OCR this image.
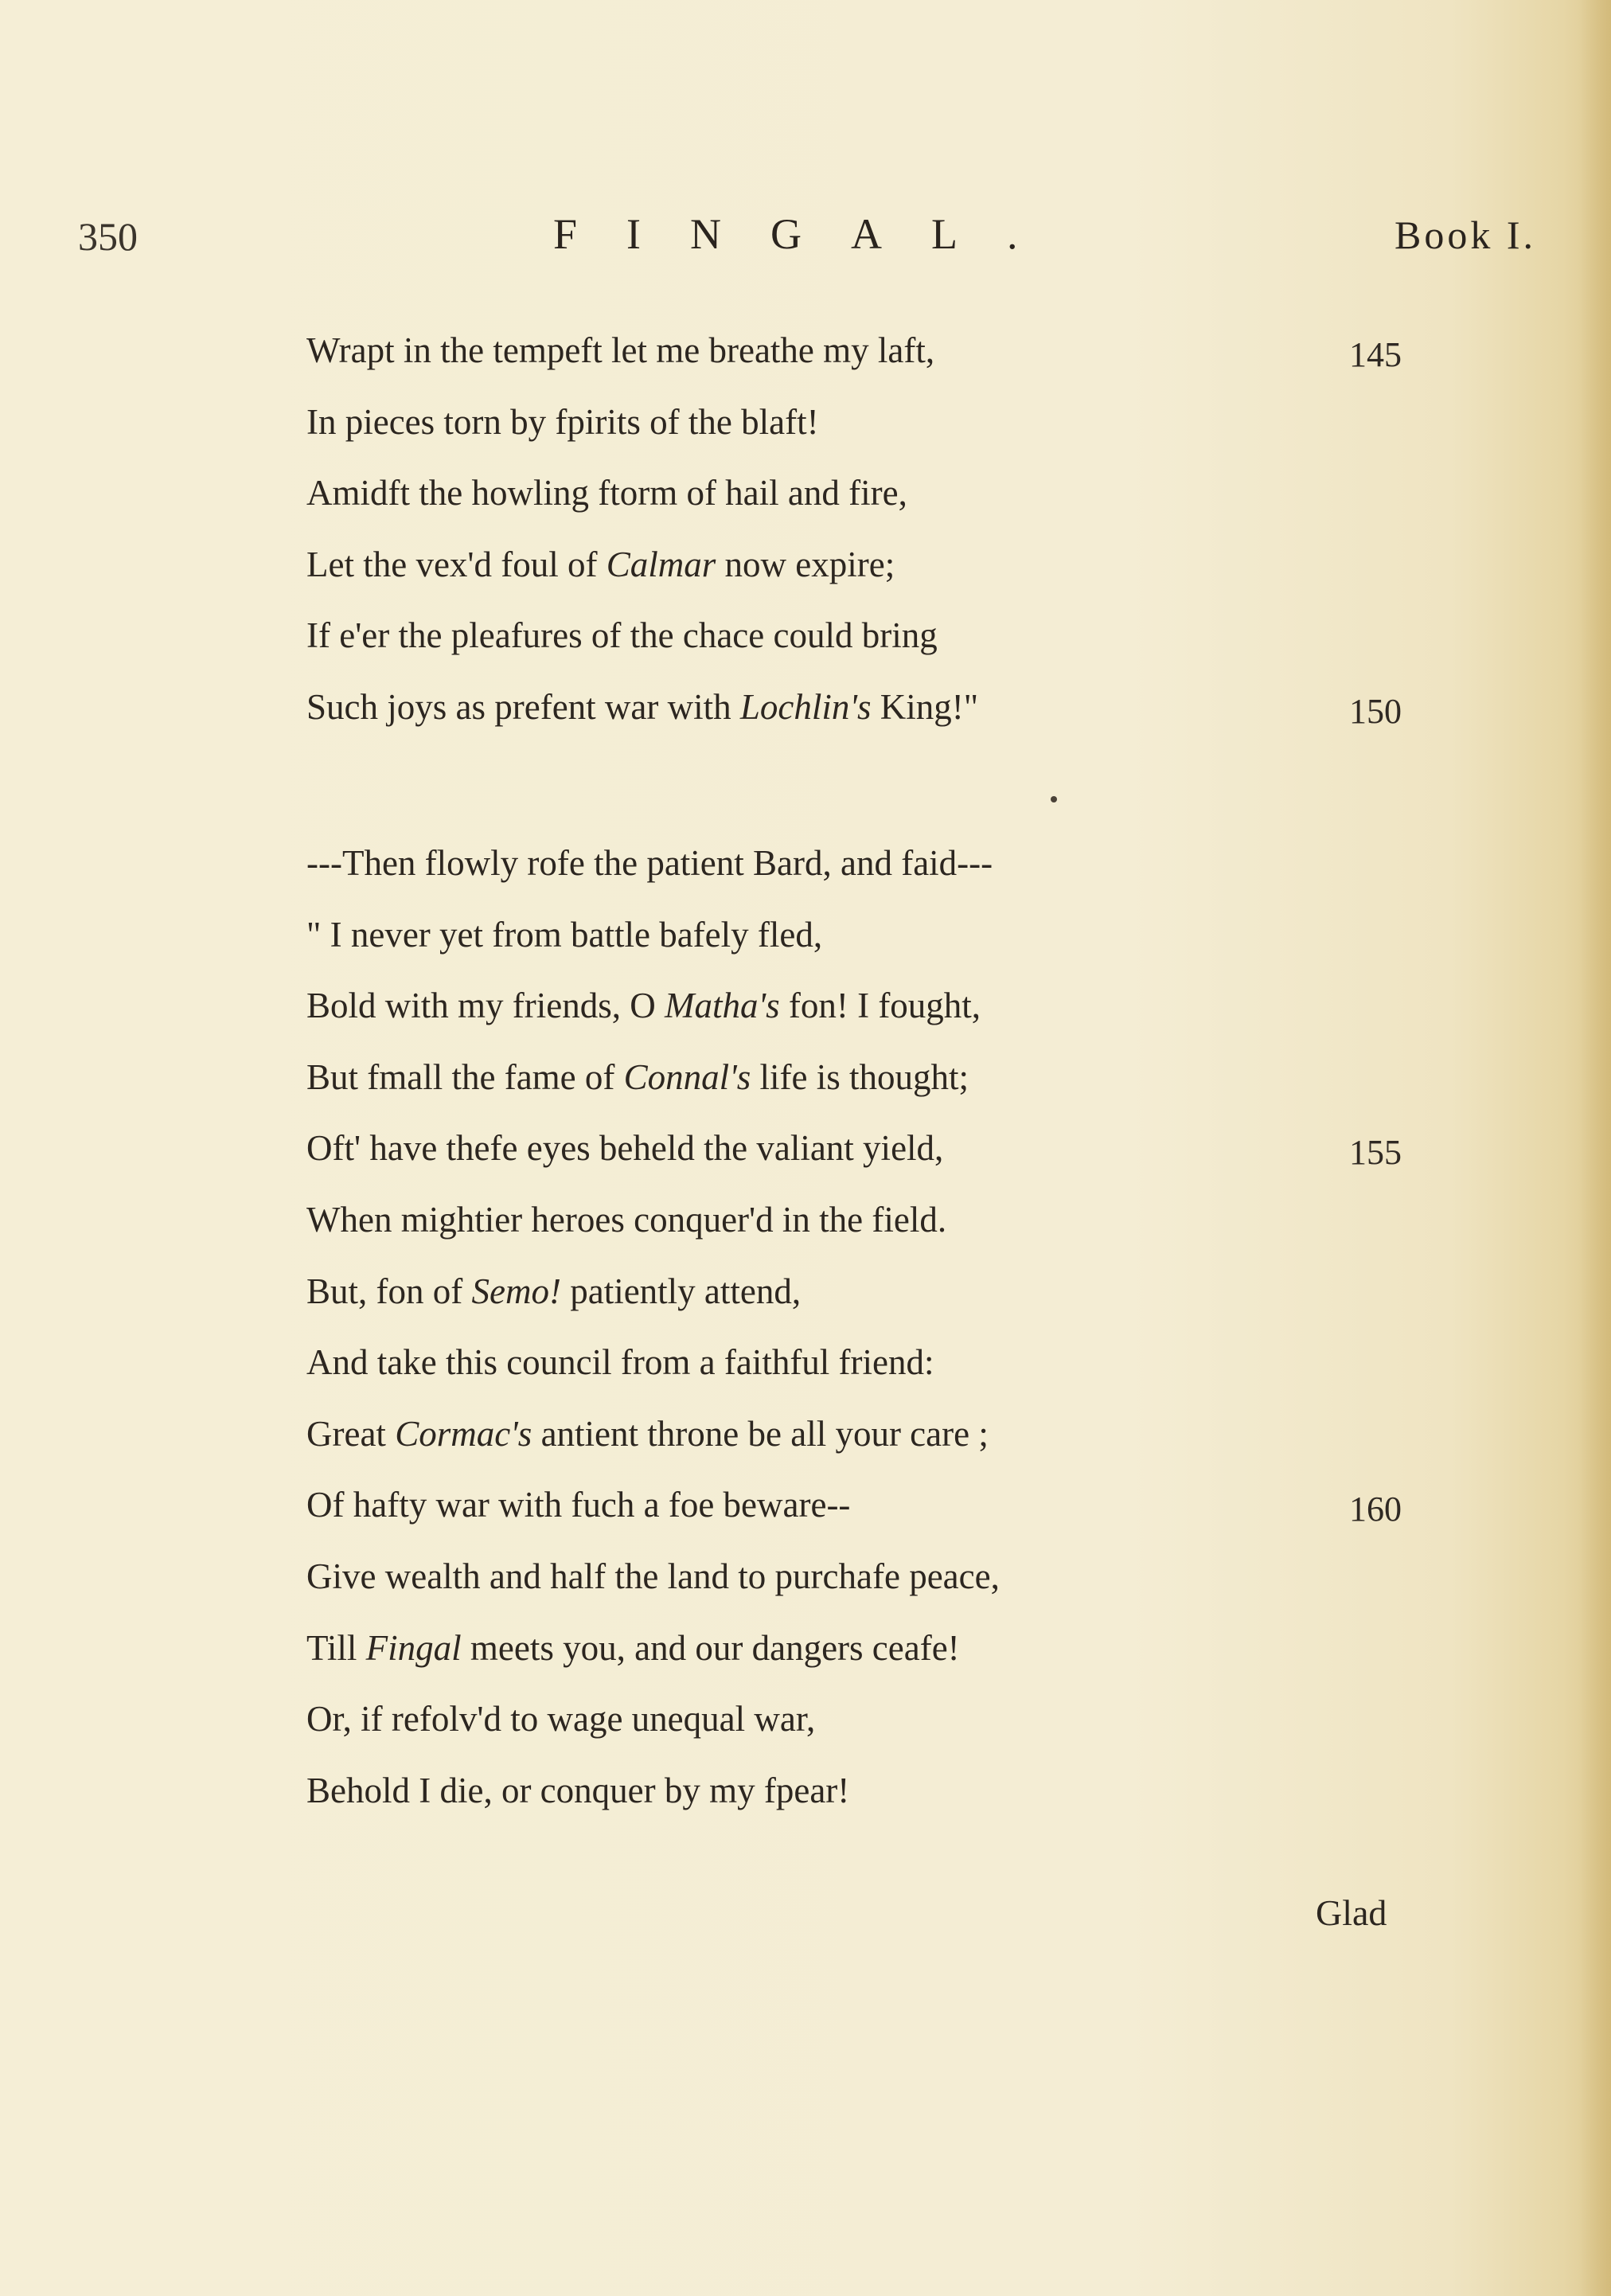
350	FINGAL.	Book I.
Wrapt in the tempeft let me breathe my laft,	145
In pieces torn by fpirits of the blaft!
Amidft the howling ftorm of hail and fire,
Let the vex'd foul of Calmar now expire;
If e'er the pleafures of the chace could bring
Such joys as prefent war with Lochlin's King!"	150
---Then flowly rofe the patient Bard, and faid---
" I never yet from battle bafely fled,
Bold with my friends, O Matha's fon! I fought,
But fmall the fame of Connal's life is thought;
Oft' have thefe eyes beheld the valiant yield,	155
When mightier heroes conquer'd in the field.
But, fon of Semo! patiently attend,
And take this council from a faithful friend:
Great Cormac's antient throne be all your care ;
Of hafty war with fuch a foe beware--	160
Give wealth and half the land to purchafe peace,
Till Fingal meets you, and our dangers ceafe!
Or, if refolv'd to wage unequal war,
Behold I die, or conquer by my fpear!
Glad
